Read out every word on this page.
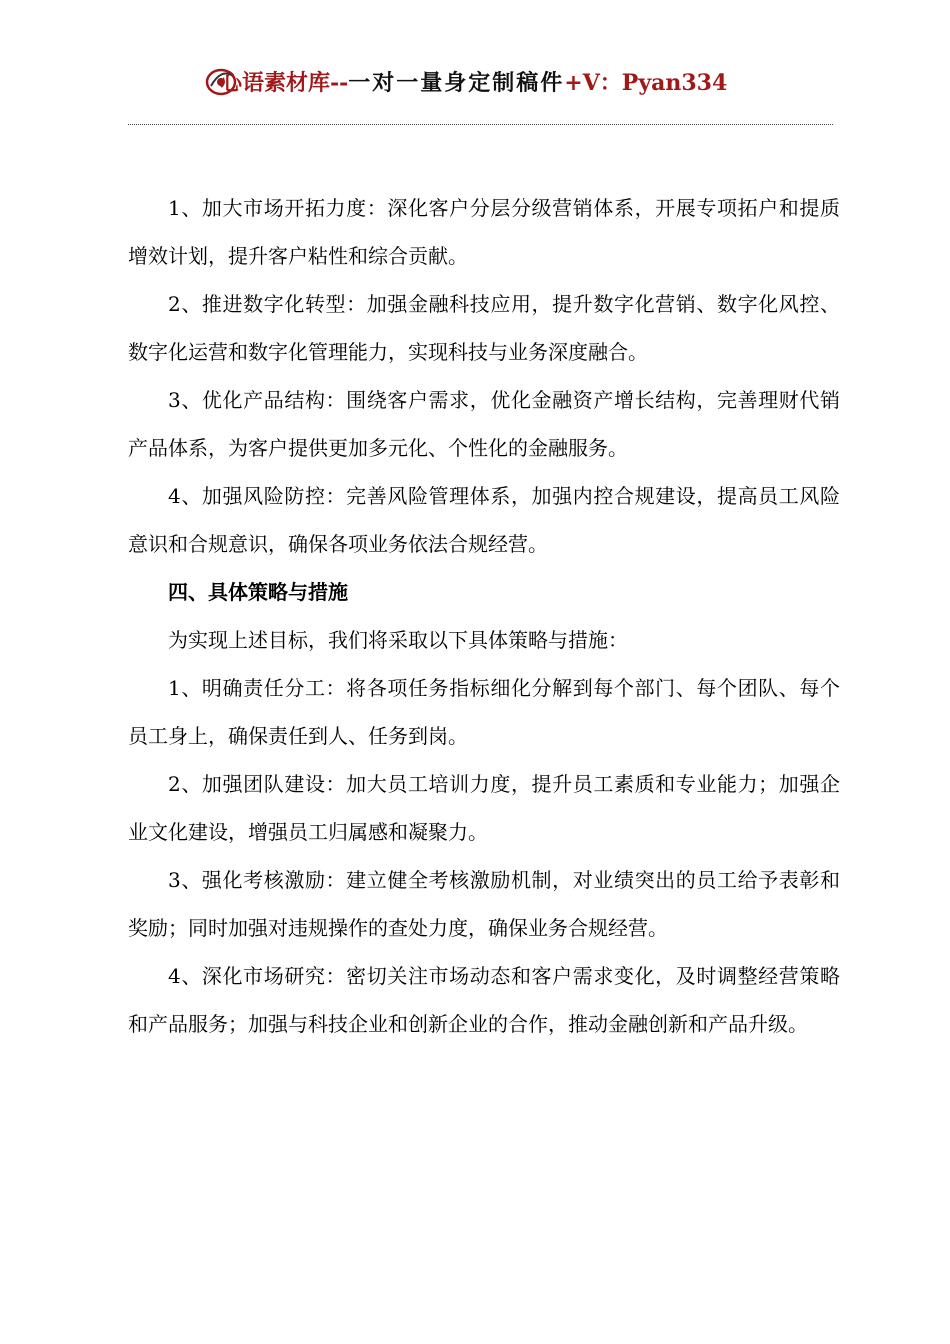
心语素材库--一对一量身定制稿件+V：Pyan334

1、加大市场开拓力度：深化客户分层分级营销体系，开展专项拓户和提质增效计划，提升客户粘性和综合贡献。

2、推进数字化转型：加强金融科技应用，提升数字化营销、数字化风控、数字化运营和数字化管理能力，实现科技与业务深度融合。

3、优化产品结构：围绕客户需求，优化金融资产增长结构，完善理财代销产品体系，为客户提供更加多元化、个性化的金融服务。

4、加强风险防控：完善风险管理体系，加强内控合规建设，提高员工风险意识和合规意识，确保各项业务依法合规经营。

四、具体策略与措施

为实现上述目标，我们将采取以下具体策略与措施：

1、明确责任分工：将各项任务指标细化分解到每个部门、每个团队、每个员工身上，确保责任到人、任务到岗。

2、加强团队建设：加大员工培训力度，提升员工素质和专业能力；加强企业文化建设，增强员工归属感和凝聚力。

3、强化考核激励：建立健全考核激励机制，对业绩突出的员工给予表彰和奖励；同时加强对违规操作的查处力度，确保业务合规经营。

4、深化市场研究：密切关注市场动态和客户需求变化，及时调整经营策略和产品服务；加强与科技企业和创新企业的合作，推动金融创新和产品升级。
